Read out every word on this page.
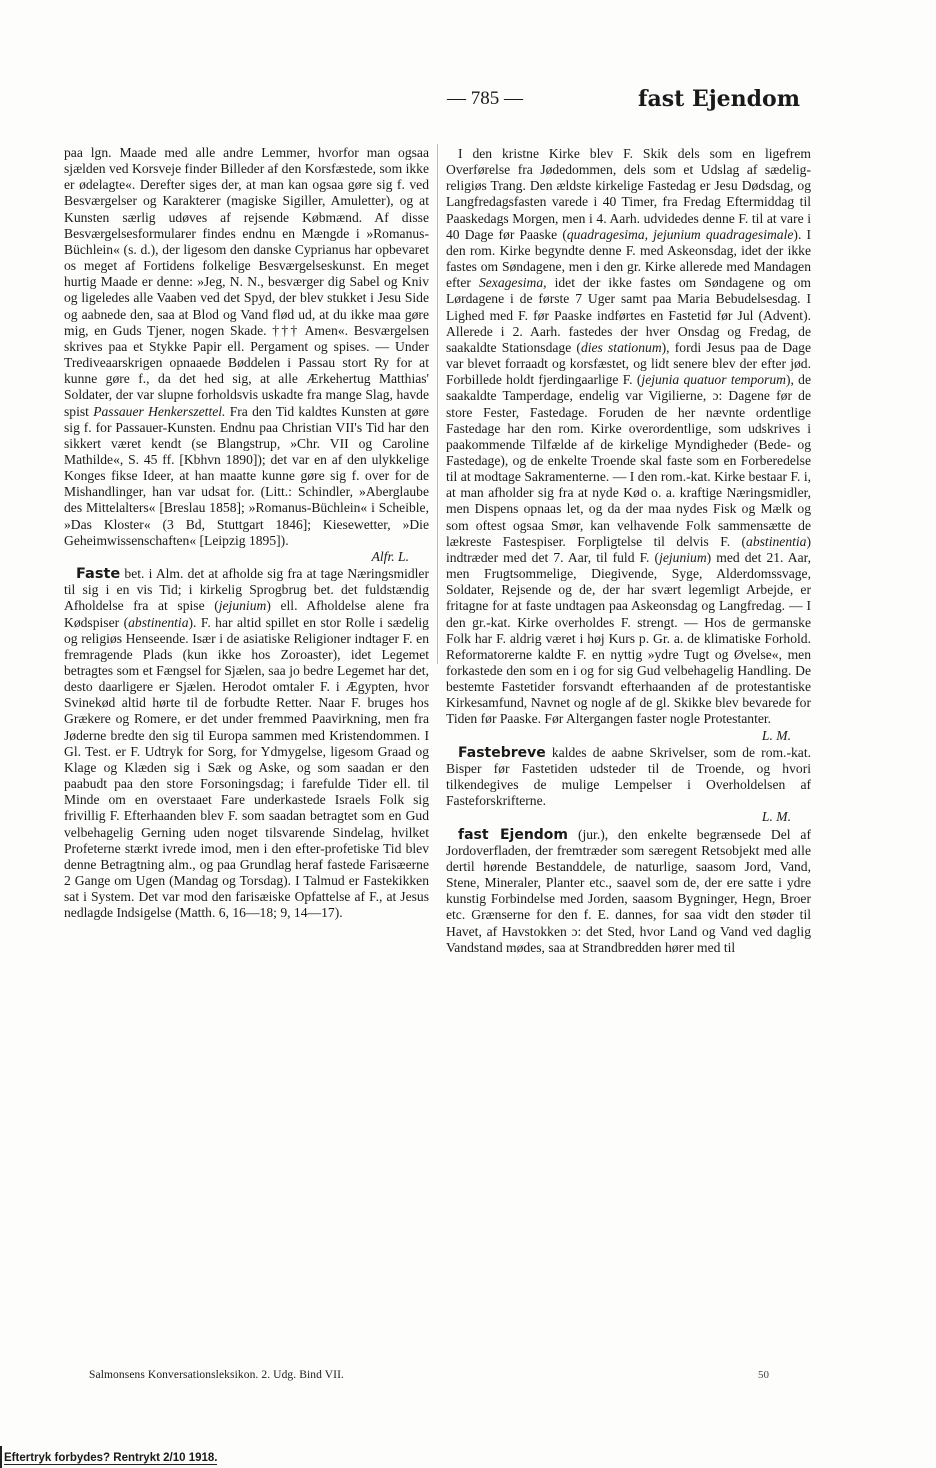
— 785 —	fast Ejendom

paa lgn. Maade med alle andre Lemmer, hvorfor man ogsaa sjælden ved Korsveje finder Billeder af den Korsfæstede, som ikke er ødelagte«. Derefter siges der, at man kan ogsaa gøre sig f. ved Besværgelser og Karakterer (magiske Sigiller, Amuletter), og at Kunsten særlig udøves af rejsende Købmænd. Af disse Besværgelsesformularer findes endnu en Mængde i »Romanus-Büchlein« (s. d.), der ligesom den danske Cyprianus har opbevaret os meget af Fortidens folkelige Besværgelseskunst. En meget hurtig Maade er denne: »Jeg, N. N., besværger dig Sabel og Kniv og ligeledes alle Vaaben ved det Spyd, der blev stukket i Jesu Side og aabnede den, saa at Blod og Vand flød ud, at du ikke maa gøre mig, en Guds Tjener, nogen Skade. ††† Amen«. Besværgelsen skrives paa et Stykke Papir ell. Pergament og spises. — Under Trediveaarskrigen opnaaede Bøddelen i Passau stort Ry for at kunne gøre f., da det hed sig, at alle Ærkehertug Matthias' Soldater, der var slupne forholdsvis uskadte fra mange Slag, havde spist Passauer Henkerszettel. Fra den Tid kaldtes Kunsten at gøre sig f. for Passauer-Kunsten. Endnu paa Christian VII's Tid har den sikkert været kendt (se Blangstrup, »Chr. VII og Caroline Mathilde«, S. 45 ff. [Kbhvn 1890]); det var en af den ulykkelige Konges fikse Ideer, at han maatte kunne gøre sig f. over for de Mishandlinger, han var udsat for. (Litt.: Schindler, »Aberglaube des Mittelalters« [Breslau 1858]; »Romanus-Büchlein« i Scheible, »Das Kloster« (3 Bd, Stuttgart 1846]; Kiesewetter, »Die Geheimwissenschaften« [Leipzig 1895]).
Alfr. L.

Faste bet. i Alm. det at afholde sig fra at tage Næringsmidler til sig i en vis Tid; i kirkelig Sprogbrug bet. det fuldstændig Afholdelse fra at spise (jejunium) ell. Afholdelse alene fra Kødspiser (abstinentia). F. har altid spillet en stor Rolle i sædelig og religiøs Henseende. Især i de asiatiske Religioner indtager F. en fremragende Plads (kun ikke hos Zoroaster), idet Legemet betragtes som et Fængsel for Sjælen, saa jo bedre Legemet har det, desto daarligere er Sjælen. Herodot omtaler F. i Ægypten, hvor Svinekød altid hørte til de forbudte Retter. Naar F. bruges hos Grækere og Romere, er det under fremmed Paavirkning, men fra Jøderne bredte den sig til Europa sammen med Kristendommen. I Gl. Test. er F. Udtryk for Sorg, for Ydmygelse, ligesom Graad og Klage og Klæden sig i Sæk og Aske, og som saadan er den paabudt paa den store Forsoningsdag; i farefulde Tider ell. til Minde om en overstaaet Fare underkastede Israels Folk sig frivillig F. Efterhaanden blev F. som saadan betragtet som en Gud velbehagelig Gerning uden noget tilsvarende Sindelag, hvilket Profeterne stærkt ivrede imod, men i den efter-profetiske Tid blev denne Betragtning alm., og paa Grundlag heraf fastede Farisæerne 2 Gange om Ugen (Mandag og Torsdag). I Talmud er Fastekikken sat i System. Det var mod den farisæiske Opfattelse af F., at Jesus nedlagde Indsigelse (Matth. 6, 16—18; 9, 14—17).

I den kristne Kirke blev F. Skik dels som en ligefrem Overførelse fra Jødedommen, dels som et Udslag af sædelig-religiøs Trang. Den ældste kirkelige Fastedag er Jesu Dødsdag, og Langfredagsfasten varede i 40 Timer, fra Fredag Eftermiddag til Paaskedags Morgen, men i 4. Aarh. udvidedes denne F. til at vare i 40 Dage før Paaske (quadragesima, jejunium quadragesimale). I den rom. Kirke begyndte denne F. med Askeonsdag, idet der ikke fastes om Søndagene, men i den gr. Kirke allerede med Mandagen efter Sexagesima, idet der ikke fastes om Søndagene og om Lørdagene i de første 7 Uger samt paa Maria Bebudelsesdag. I Lighed med F. før Paaske indførtes en Fastetid før Jul (Advent). Allerede i 2. Aarh. fastedes der hver Onsdag og Fredag, de saakaldte Stationsdage (dies stationum), fordi Jesus paa de Dage var blevet forraadt og korsfæstet, og lidt senere blev der efter jød. Forbillede holdt fjerdingaarlige F. (jejunia quatuor temporum), de saakaldte Tamperdage, endelig var Vigilierne, ɔ: Dagene før de store Fester, Fastedage. Foruden de her nævnte ordentlige Fastedage har den rom. Kirke overordentlige, som udskrives i paakommende Tilfælde af de kirkelige Myndigheder (Bede- og Fastedage), og de enkelte Troende skal faste som en Forberedelse til at modtage Sakramenterne. — I den rom.-kat. Kirke bestaar F. i, at man afholder sig fra at nyde Kød o. a. kraftige Næringsmidler, men Dispens opnaas let, og da der maa nydes Fisk og Mælk og som oftest ogsaa Smør, kan velhavende Folk sammensætte de lækreste Fastespiser. Forpligtelse til delvis F. (abstinentia) indtræder med det 7. Aar, til fuld F. (jejunium) med det 21. Aar, men Frugtsommelige, Diegivende, Syge, Alderdomssvage, Soldater, Rejsende og de, der har svært legemligt Arbejde, er fritagne for at faste undtagen paa Askeonsdag og Langfredag. — I den gr.-kat. Kirke overholdes F. strengt. — Hos de germanske Folk har F. aldrig været i høj Kurs p. Gr. a. de klimatiske Forhold. Reformatorerne kaldte F. en nyttig »ydre Tugt og Øvelse«, men forkastede den som en i og for sig Gud velbehagelig Handling. De bestemte Fastetider forsvandt efterhaanden af de protestantiske Kirkesamfund, Navnet og nogle af de gl. Skikke blev bevarede for Tiden før Paaske. Før Altergangen faster nogle Protestanter.
L. M.

Fastebreve kaldes de aabne Skrivelser, som de rom.-kat. Bisper før Fastetiden udsteder til de Troende, og hvori tilkendegives de mulige Lempelser i Overholdelsen af Fasteforskrifterne.
L. M.

fast Ejendom (jur.), den enkelte begrænsede Del af Jordoverfladen, der fremtræder som særegent Retsobjekt med alle dertil hørende Bestanddele, de naturlige, saasom Jord, Vand, Stene, Mineraler, Planter etc., saavel som de, der ere satte i ydre kunstig Forbindelse med Jorden, saasom Bygninger, Hegn, Broer etc. Grænserne for den f. E. dannes, for saa vidt den støder til Havet, af Havstokken ɔ: det Sted, hvor Land og Vand ved daglig Vandstand mødes, saa at Strandbredden hører med til

Salmonsens Konversationsleksikon. 2. Udg. Bind VII.	50
Eftertryk forbydes? Rentrykt 2/10 1918.
